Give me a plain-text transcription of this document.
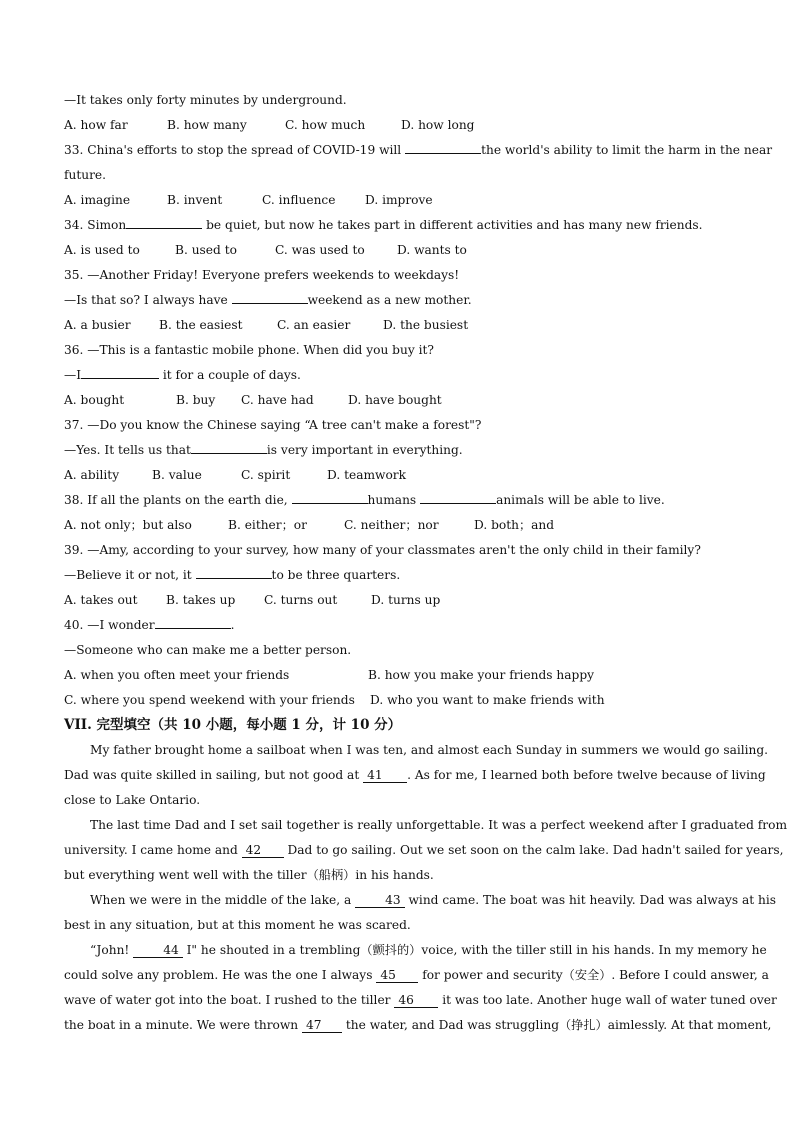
—It takes only forty minutes by underground.
A. how far	B. how many	C. how much	D. how long
33. China's efforts to stop the spread of COVID-19 will	the world's ability to limit the harm in the near
future.
A. imagine	B. invent	C. influence	D. improve
34. Simon	be quiet, but now he takes part in different activities and has many new friends.
A. is used to	B. used to	C. was used to	D. wants to
35. —Another Friday! Everyone prefers weekends to weekdays!
—Is that so? I always have	weekend as a new mother.
A. a busier	B. the easiest	C. an easier	D. the busiest
36. —This is a fantastic mobile phone. When did you buy it?
—I	it for a couple of days.
A. bought	B. buy	C. have had	D. have bought
37. —Do you know the Chinese saying “A tree can't make a forest"?
—Yes. It tells us that	is very important in everything.
A. ability	B. value	C. spirit	D. teamwork
38. If all the plants on the earth die,	humans	animals will be able to live.
A. not only；but also	B. either；or	C. neither；nor	D. both；and
39. —Amy, according to your survey, how many of your classmates aren't the only child in their family?
—Believe it or not, it	to be three quarters.
A. takes out	B. takes up	C. turns out	D. turns up
40. —I wonder	.
—Someone who can make me a better person.
A. when you often meet your friends	B. how you make your friends happy
C. where you spend weekend with your friends	D. who you want to make friends with
VII. 完型填空（共 10 小题，每小题 1 分，计 10 分）
My father brought home a sailboat when I was ten, and almost each Sunday in summers we would go sailing.
Dad was quite skilled in sailing, but not good at 41 . As for me, I learned both before twelve because of living
close to Lake Ontario.
The last time Dad and I set sail together is really unforgettable. It was a perfect weekend after I graduated from
university. I came home and 42 Dad to go sailing. Out we set soon on the calm lake. Dad hadn't sailed for years,
but everything went well with the tiller（船柄）in his hands.
When we were in the middle of the lake, a	43 wind came. The boat was hit heavily. Dad was always at his
best in any situation, but at this moment he was scared.
“John!	44 I" he shouted in a trembling（颤抖的）voice, with the tiller still in his hands. In my memory he
could solve any problem. He was the one I always 45 for power and security（安全）. Before I could answer, a
wave of water got into the boat. I rushed to the tiller 46 it was too late. Another huge wall of water tuned over
the boat in a minute. We were thrown 47 the water, and Dad was struggling（挣扎）aimlessly. At that moment,
